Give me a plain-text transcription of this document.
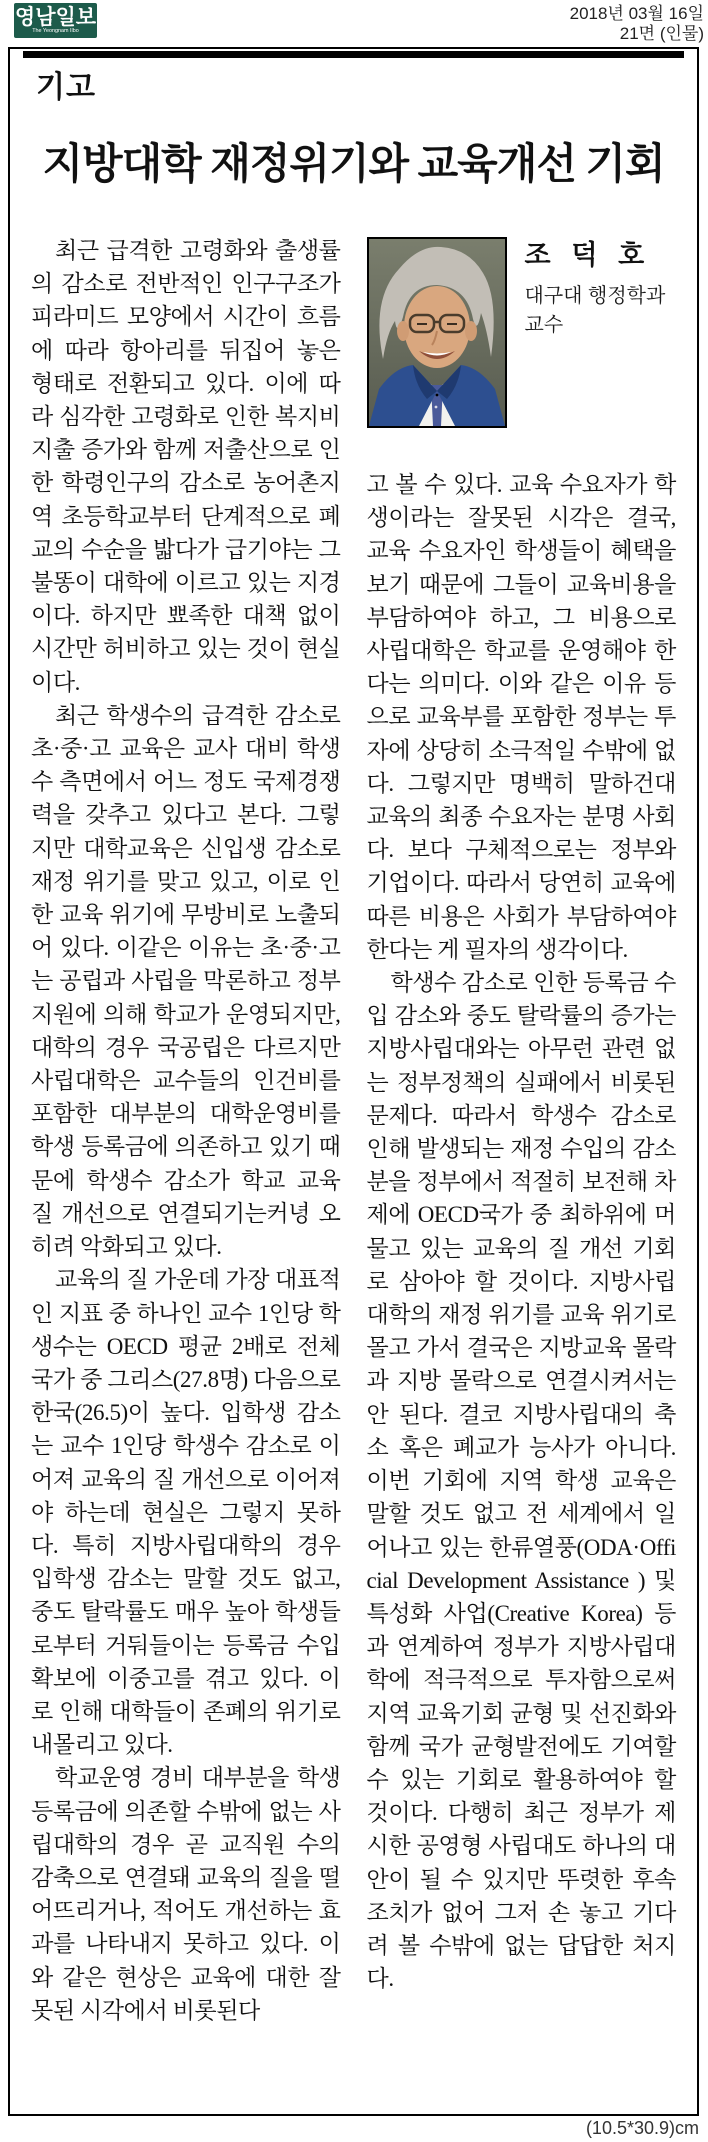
영남일보
The Yeongnam Ilbo
2018년 03월 16일
21면 (인물)
기고
지방대학 재정위기와 교육개선 기회

최근 급격한 고령화와 출생률의 감소로 전반적인 인구구조가 피라미드 모양에서 시간이 흐름에 따라 항아리를 뒤집어 놓은 형태로 전환되고 있다. 이에 따라 심각한 고령화로 인한 복지비 지출 증가와 함께 저출산으로 인한 학령인구의 감소로 농어촌지역 초등학교부터 단계적으로 폐교의 수순을 밟다가 급기야는 그 불똥이 대학에 이르고 있는 지경이다. 하지만 뾰족한 대책 없이 시간만 허비하고 있는 것이 현실이다.

최근 학생수의 급격한 감소로 초·중·고 교육은 교사 대비 학생 수 측면에서 어느 정도 국제경쟁력을 갖추고 있다고 본다. 그렇지만 대학교육은 신입생 감소로 재정 위기를 맞고 있고, 이로 인한 교육 위기에 무방비로 노출되어 있다. 이같은 이유는 초·중·고는 공립과 사립을 막론하고 정부지원에 의해 학교가 운영되지만, 대학의 경우 국공립은 다르지만 사립대학은 교수들의 인건비를 포함한 대부분의 대학운영비를 학생 등록금에 의존하고 있기 때문에 학생수 감소가 학교 교육 질 개선으로 연결되기는커녕 오히려 악화되고 있다.

교육의 질 가운데 가장 대표적인 지표 중 하나인 교수 1인당 학생수는 OECD 평균 2배로 전체 국가 중 그리스(27.8명) 다음으로 한국(26.5)이 높다. 입학생 감소는 교수 1인당 학생수 감소로 이어져 교육의 질 개선으로 이어져야 하는데 현실은 그렇지 못하다. 특히 지방사립대학의 경우 입학생 감소는 말할 것도 없고, 중도 탈락률도 매우 높아 학생들로부터 거둬들이는 등록금 수입 확보에 이중고를 겪고 있다. 이로 인해 대학들이 존폐의 위기로 내몰리고 있다.

학교운영 경비 대부분을 학생 등록금에 의존할 수밖에 없는 사립대학의 경우 곧 교직원 수의 감축으로 연결돼 교육의 질을 떨어뜨리거나, 적어도 개선하는 효과를 나타내지 못하고 있다. 이와 같은 현상은 교육에 대한 잘못된 시각에서 비롯된다

조 덕 호
대구대 행정학과
교수

고 볼 수 있다. 교육 수요자가 학생이라는 잘못된 시각은 결국, 교육 수요자인 학생들이 혜택을 보기 때문에 그들이 교육비용을 부담하여야 하고, 그 비용으로 사립대학은 학교를 운영해야 한다는 의미다. 이와 같은 이유 등으로 교육부를 포함한 정부는 투자에 상당히 소극적일 수밖에 없다. 그렇지만 명백히 말하건대 교육의 최종 수요자는 분명 사회다. 보다 구체적으로는 정부와 기업이다. 따라서 당연히 교육에 따른 비용은 사회가 부담하여야 한다는 게 필자의 생각이다.

학생수 감소로 인한 등록금 수입 감소와 중도 탈락률의 증가는 지방사립대와는 아무런 관련 없는 정부정책의 실패에서 비롯된 문제다. 따라서 학생수 감소로 인해 발생되는 재정 수입의 감소분을 정부에서 적절히 보전해 차제에 OECD국가 중 최하위에 머물고 있는 교육의 질 개선 기회로 삼아야 할 것이다. 지방사립대학의 재정 위기를 교육 위기로 몰고 가서 결국은 지방교육 몰락과 지방 몰락으로 연결시켜서는 안 된다. 결코 지방사립대의 축소 혹은 폐교가 능사가 아니다. 이번 기회에 지역 학생 교육은 말할 것도 없고 전 세계에서 일어나고 있는 한류열풍(ODA·Official Development Assistance ) 및 특성화 사업(Creative Korea) 등과 연계하여 정부가 지방사립대학에 적극적으로 투자함으로써 지역 교육기회 균형 및 선진화와 함께 국가 균형발전에도 기여할 수 있는 기회로 활용하여야 할 것이다. 다행히 최근 정부가 제시한 공영형 사립대도 하나의 대안이 될 수 있지만 뚜렷한 후속조치가 없어 그저 손 놓고 기다려 볼 수밖에 없는 답답한 처지다.

(10.5*30.9)cm
